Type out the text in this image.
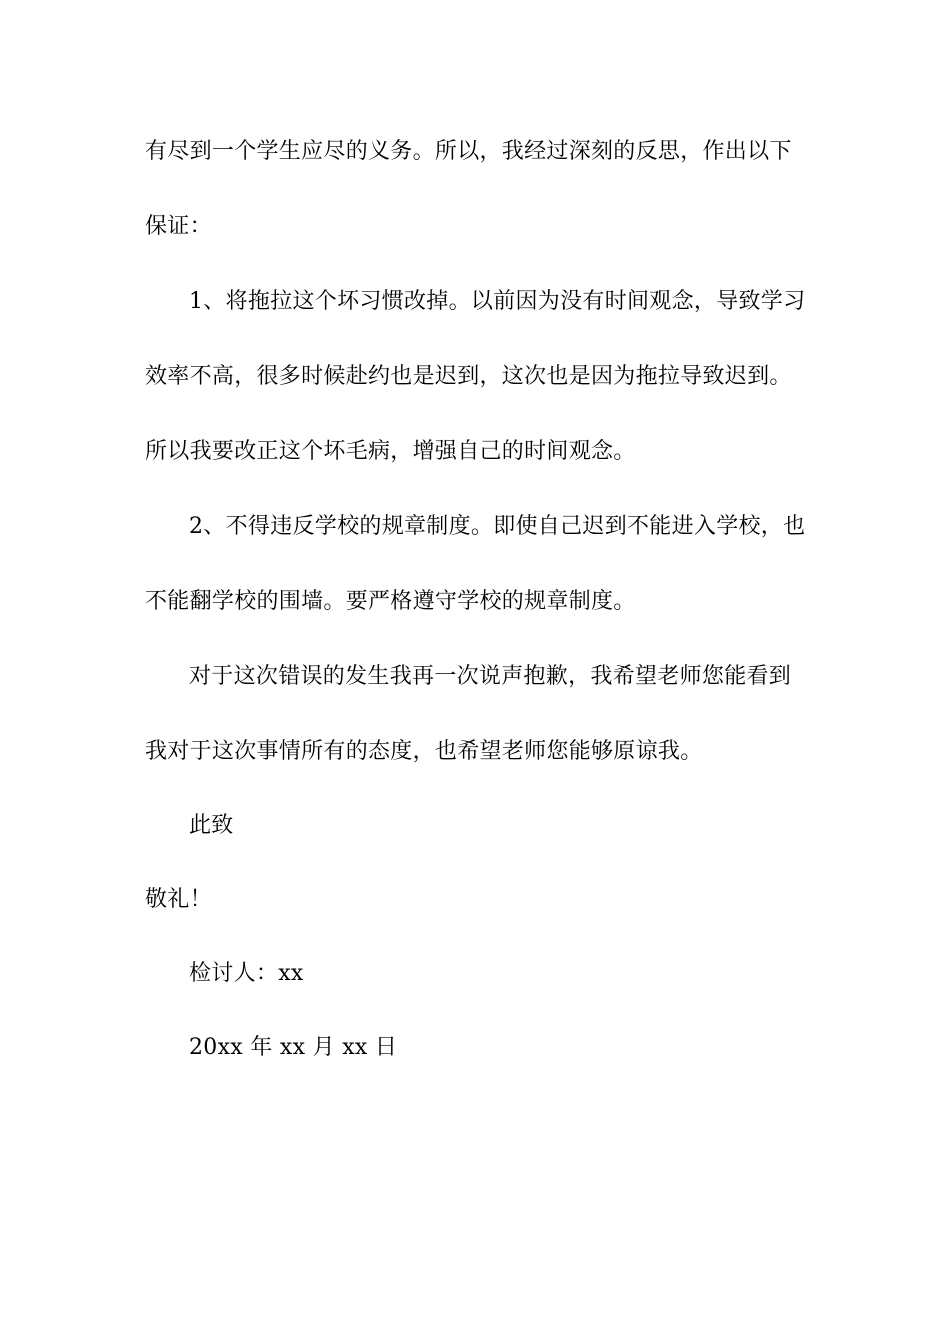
有尽到一个学生应尽的义务。所以，我经过深刻的反思，作出以下
保证：
1、将拖拉这个坏习惯改掉。以前因为没有时间观念，导致学习
效率不高，很多时候赴约也是迟到，这次也是因为拖拉导致迟到。
所以我要改正这个坏毛病，增强自己的时间观念。
2、不得违反学校的规章制度。即使自己迟到不能进入学校，也
不能翻学校的围墙。要严格遵守学校的规章制度。
对于这次错误的发生我再一次说声抱歉，我希望老师您能看到
我对于这次事情所有的态度，也希望老师您能够原谅我。
此致
敬礼！
检讨人：xx
20xx 年 xx 月 xx 日
